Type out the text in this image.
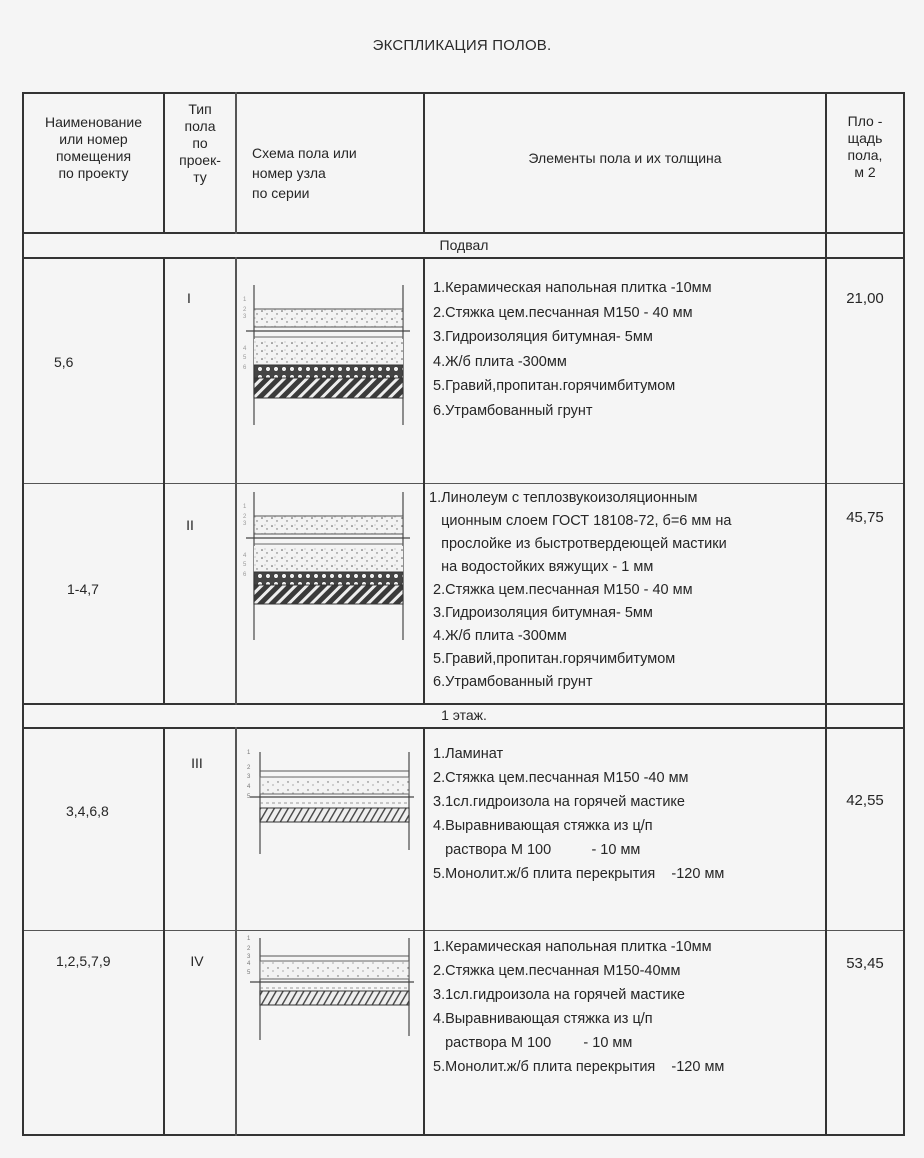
ЭКСПЛИКАЦИЯ ПОЛОВ.
Наименование
или номер
помещения
по проекту
Тип
пола
по
проек-
ту
Схема пола или
номер узла
по серии
Элементы пола и их толщина
Пло -
щадь
пола,
м 2
Подвал
5,6
I	1
2
3
4
5
6
1.Керамическая напольная плитка -10мм
2.Стяжка цем.песчанная М150 - 40 мм
3.Гидроизоляция битумная- 5мм
4.Ж/б плита -300мм
5.Гравий,пропитан.горячимбитумом
6.Утрамбованный грунт
21,00
1-4,7
II
1
2
3
4
5
6
1.Линолеум с теплозвукоизоляционным
ционным слоем ГОСТ 18108-72, б=6 мм на
прослойке из быстротвердеющей мастики
на водостойких вяжущих - 1 мм
2.Стяжка цем.песчанная М150 - 40 мм
3.Гидроизоляция битумная- 5мм
4.Ж/б плита -300мм
5.Гравий,пропитан.горячимбитумом
6.Утрамбованный грунт
45,75
1 этаж.
3,4,6,8
III
1
2
3
4
5
1.Ламинат
2.Стяжка цем.песчанная М150 -40 мм
3.1сл.гидроизола на горячей мастике
4.Выравнивающая стяжка из ц/п
раствора М 100          - 10 мм
5.Монолит.ж/б плита перекрытия    -120 мм
42,55
1,2,5,7,9	IV
1
2
3
4
5
1.Керамическая напольная плитка -10мм
2.Стяжка цем.песчанная М150-40мм
3.1сл.гидроизола на горячей мастике
4.Выравнивающая стяжка из ц/п
раствора М 100        - 10 мм
5.Монолит.ж/б плита перекрытия    -120 мм
53,45
